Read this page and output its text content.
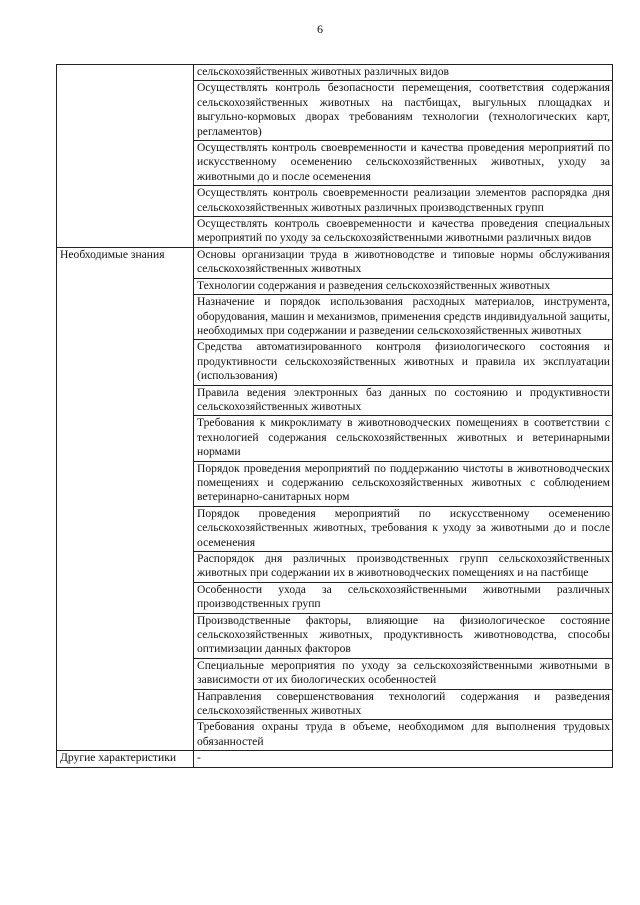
6
	сельскохозяйственных животных различных видов
	Осуществлять контроль безопасности перемещения, соответствия содержания сельскохозяйственных животных на пастбищах, выгульных площадках и выгульно-кормовых дворах требованиям технологии (технологических карт, регламентов)
	Осуществлять контроль своевременности и качества проведения мероприятий по искусственному осеменению сельскохозяйственных животных, уходу за животными до и после осеменения
	Осуществлять контроль своевременности реализации элементов распорядка дня сельскохозяйственных животных различных производственных групп
	Осуществлять контроль своевременности и качества проведения специальных мероприятий по уходу за сельскохозяйственными животными различных видов
Необходимые знания	Основы организации труда в животноводстве и типовые нормы обслуживания сельскохозяйственных животных
	Технологии содержания и разведения сельскохозяйственных животных
	Назначение и порядок использования расходных материалов, инструмента, оборудования, машин и механизмов, применения средств индивидуальной защиты, необходимых при содержании и разведении сельскохозяйственных животных
	Средства автоматизированного контроля физиологического состояния и продуктивности сельскохозяйственных животных и правила их эксплуатации (использования)
	Правила ведения электронных баз данных по состоянию и продуктивности сельскохозяйственных животных
	Требования к микроклимату в животноводческих помещениях в соответствии с технологией содержания сельскохозяйственных животных и ветеринарными нормами
	Порядок проведения мероприятий по поддержанию чистоты в животноводческих помещениях и содержанию сельскохозяйственных животных с соблюдением ветеринарно-санитарных норм
	Порядок проведения мероприятий по искусственному осеменению сельскохозяйственных животных, требования к уходу за животными до и после осеменения
	Распорядок дня различных производственных групп сельскохозяйственных животных при содержании их в животноводческих помещениях и на пастбище
	Особенности ухода за сельскохозяйственными животными различных производственных групп
	Производственные факторы, влияющие на физиологическое состояние сельскохозяйственных животных, продуктивность животноводства, способы оптимизации данных факторов
	Специальные мероприятия по уходу за сельскохозяйственными животными в зависимости от их биологических особенностей
	Направления совершенствования технологий содержания и разведения сельскохозяйственных животных
	Требования охраны труда в объеме, необходимом для выполнения трудовых обязанностей
Другие характеристики	-
